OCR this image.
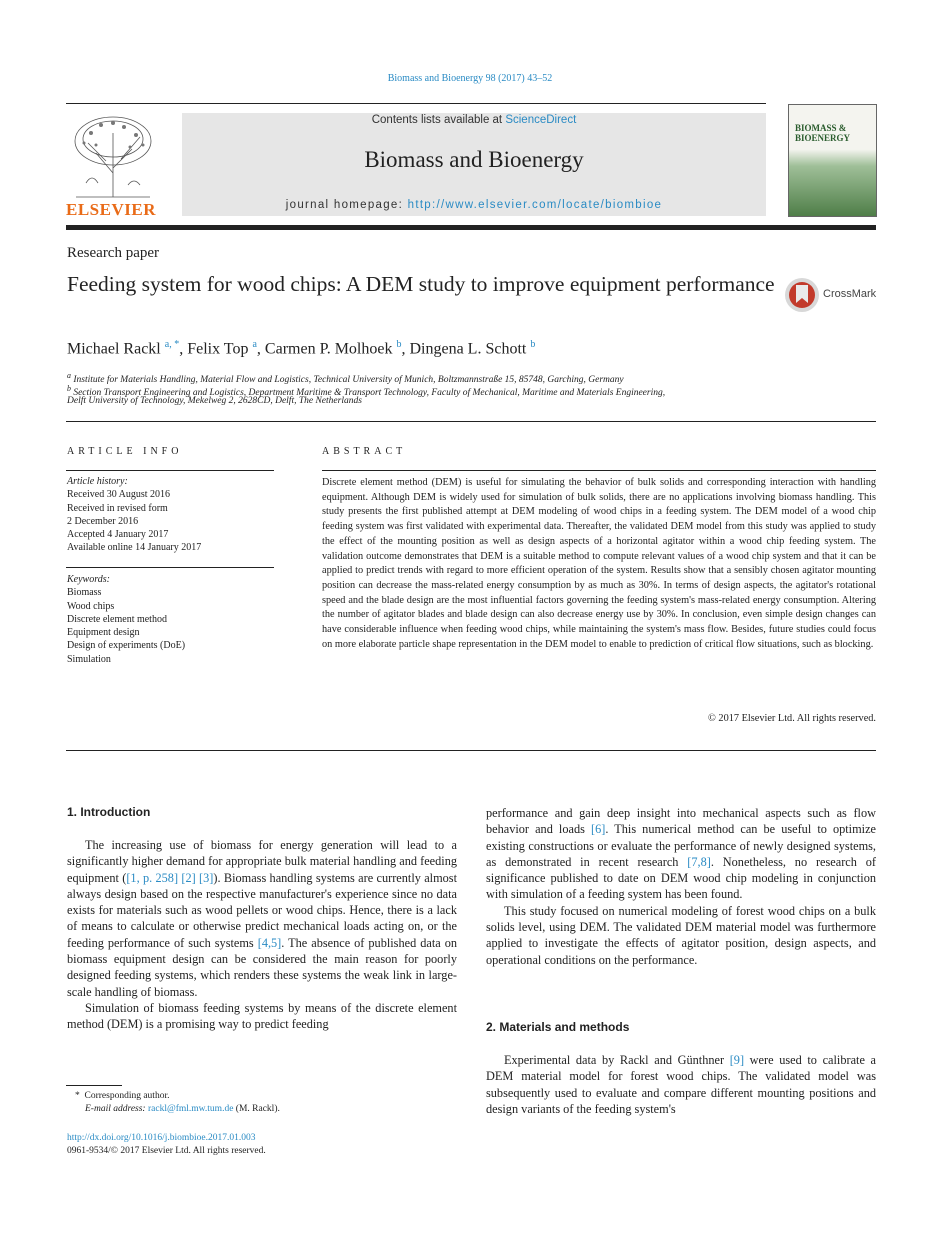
Biomass and Bioenergy 98 (2017) 43–52
ELSEVIER
Contents lists available at ScienceDirect
Biomass and Bioenergy
journal homepage: http://www.elsevier.com/locate/biombioe
BIOMASS & BIOENERGY
Research paper
Feeding system for wood chips: A DEM study to improve equipment performance	CrossMark
Michael Rackl $^{a, *}$, Felix Top $^a$, Carmen P. Molhoek $^b$, Dingena L. Schott $^b$
$^a$ Institute for Materials Handling, Material Flow and Logistics, Technical University of Munich, Boltzmannstraße 15, 85748, Garching, Germany
$^b$ Section Transport Engineering and Logistics, Department Maritime & Transport Technology, Faculty of Mechanical, Maritime and Materials Engineering,
Delft University of Technology, Mekelweg 2, 2628CD, Delft, The Netherlands
ARTICLE INFO
Article history:
Received 30 August 2016
Received in revised form
2 December 2016
Accepted 4 January 2017
Available online 14 January 2017
Keywords:
Biomass
Wood chips
Discrete element method
Equipment design
Design of experiments (DoE)
Simulation
ABSTRACT
Discrete element method (DEM) is useful for simulating the behavior of bulk solids and corresponding interaction with handling equipment. Although DEM is widely used for simulation of bulk solids, there are no applications involving biomass handling. This study presents the first published attempt at DEM modeling of wood chips in a feeding system. The DEM model of a wood chip feeding system was first validated with experimental data. Thereafter, the validated DEM model from this study was applied to study the effect of the mounting position as well as design aspects of a horizontal agitator within a wood chip feeding system. The validation outcome demonstrates that DEM is a suitable method to compute relevant values of a wood chip system and that it can be applied to predict trends with regard to more efficient operation of the system. Results show that a sensibly chosen agitator mounting position can decrease the mass-related energy consumption by as much as 30%. In terms of design aspects, the agitator's rotational speed and the blade design are the most influential factors governing the feeding system's mass-related energy consumption. Altering the number of agitator blades and blade design can also decrease energy use by 30%. In conclusion, even simple design changes can have considerable influence when feeding wood chips, while maintaining the system's mass flow. Besides, future studies could focus on more elaborate particle shape representation in the DEM model to enable to prediction of critical flow situations, such as blocking.
© 2017 Elsevier Ltd. All rights reserved.
1. Introduction

The increasing use of biomass for energy generation will lead to a significantly higher demand for appropriate bulk material handling and feeding equipment ([1, p. 258] [2] [3]). Biomass handling systems are currently almost always design based on the respective manufacturer's experience since no data exists for materials such as wood pellets or wood chips. Hence, there is a lack of means to calculate or otherwise predict mechanical loads acting on, or the feeding performance of such systems [4,5]. The absence of published data on biomass equipment design can be considered the main reason for poorly designed feeding systems, which renders these systems the weak link in large-scale handling of biomass.

Simulation of biomass feeding systems by means of the discrete element method (DEM) is a promising way to predict feeding

performance and gain deep insight into mechanical aspects such as flow behavior and loads [6]. This numerical method can be useful to optimize existing constructions or evaluate the performance of newly designed systems, as demonstrated in recent research [7,8]. Nonetheless, no research of significance published to date on DEM wood chip modeling in conjunction with simulation of a feeding system has been found.

This study focused on numerical modeling of forest wood chips on a bulk solids level, using DEM. The validated DEM material model was furthermore applied to investigate the effects of agitator position, design aspects, and operational conditions on the performance.

2. Materials and methods

Experimental data by Rackl and Günthner [9] were used to calibrate a DEM material model for forest wood chips. The validated model was subsequently used to evaluate and compare different mounting positions and design variants of the feeding system's

* Corresponding author.
E-mail address: rackl@fml.mw.tum.de (M. Rackl).
http://dx.doi.org/10.1016/j.biombioe.2017.01.003
0961-9534/© 2017 Elsevier Ltd. All rights reserved.
